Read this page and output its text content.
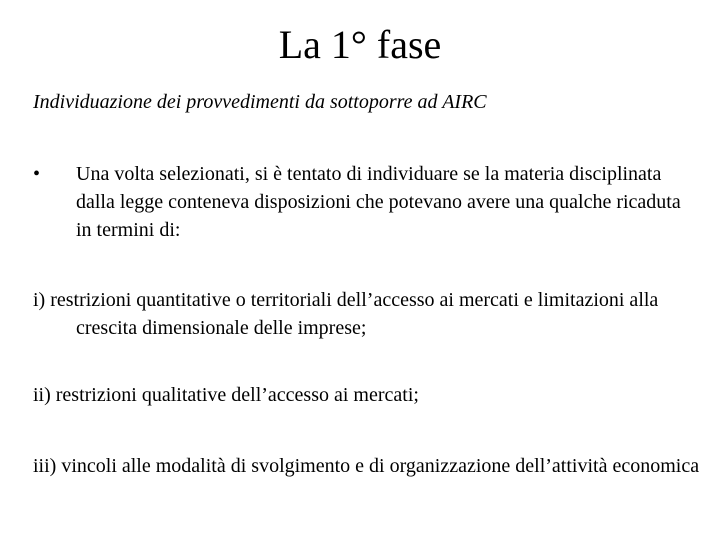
La 1° fase
Individuazione dei provvedimenti da sottoporre ad AIRC
• Una volta selezionati, si è tentato di individuare se la materia disciplinata dalla legge conteneva disposizioni che potevano avere una qualche ricaduta in termini di:
i) restrizioni quantitative o territoriali dell’accesso ai mercati e limitazioni alla crescita dimensionale delle imprese;
ii) restrizioni qualitative dell’accesso ai mercati;
iii) vincoli alle modalità di svolgimento e di organizzazione dell’attività economica
